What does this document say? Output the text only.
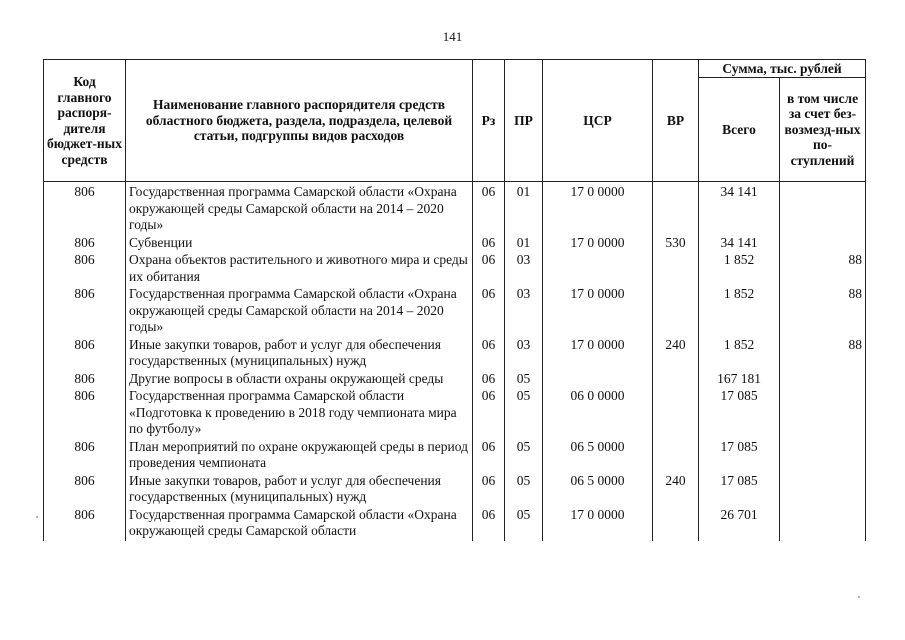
141
Код главного распоря-дителя бюджет-ных средств	Наименование главного распорядителя средств областного бюджета, раздела, подраздела, целевой статьи, подгруппы видов расходов	Рз	ПР	ЦСР	ВР	Сумма, тыс. рублей	
						Всего	в том числе за счет без-возмезд-ных по-ступлений
806	Государственная программа Самарской области «Охрана окружающей среды Самарской области на 2014 – 2020 годы»	06	01	17 0 0000		34 141	
806	Субвенции	06	01	17 0 0000	530	34 141	
806	Охрана объектов растительного и животного мира и среды их обитания	06	03			1 852	88
806	Государственная программа Самарской области «Охрана окружающей среды Самарской области на 2014 – 2020 годы»	06	03	17 0 0000		1 852	88
806	Иные закупки товаров, работ и услуг для обеспечения государственных (муниципальных) нужд	06	03	17 0 0000	240	1 852	88
806	Другие вопросы в области охраны окружающей среды	06	05			167 181	
806	Государственная программа Самарской области «Подготовка к проведению в 2018 году чемпионата мира по футболу»	06	05	06 0 0000		17 085	
806	План мероприятий по охране окружающей среды в период проведения чемпионата	06	05	06 5 0000		17 085	
806	Иные закупки товаров, работ и услуг для обеспечения государственных (муниципальных) нужд	06	05	06 5 0000	240	17 085	
806	Государственная программа Самарской области «Охрана окружающей среды Самарской области	06	05	17 0 0000		26 701	
